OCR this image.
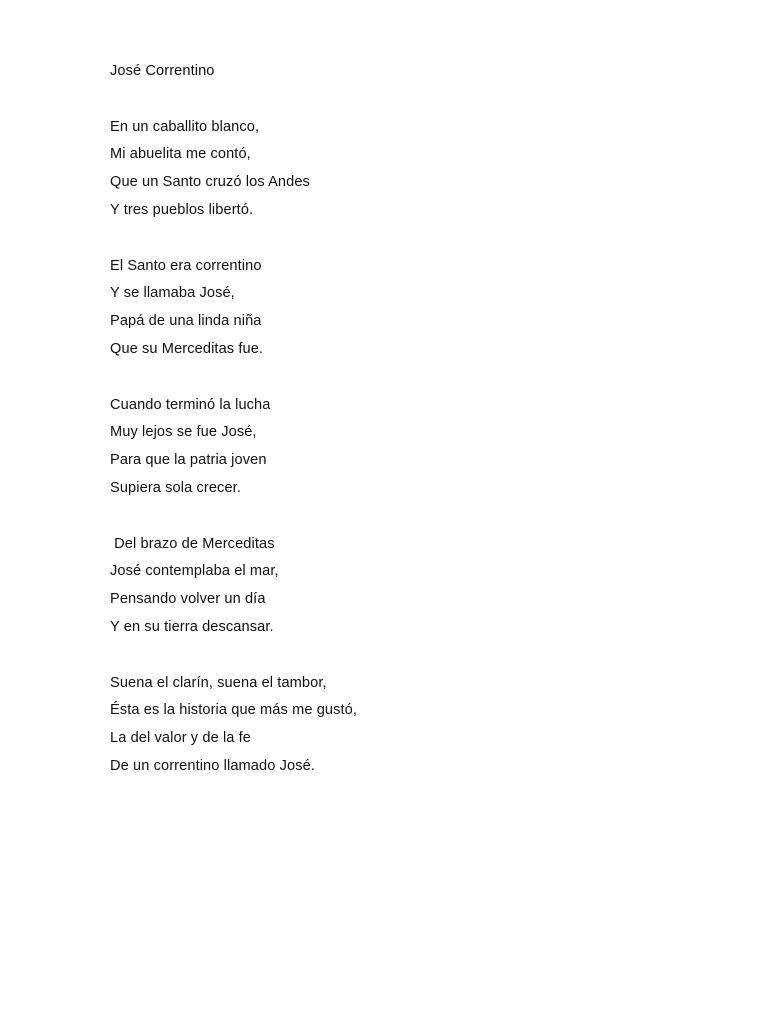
José Correntino
En un caballito blanco,
Mi abuelita me contó,
Que un Santo cruzó los Andes
Y tres pueblos libertó.
El Santo era correntino
Y se llamaba José,
Papá de una linda niña
Que su Merceditas fue.
Cuando terminó la lucha
Muy lejos se fue José,
Para que la patria joven
Supiera sola crecer.
Del brazo de Merceditas
José contemplaba el mar,
Pensando volver un día
Y en su tierra descansar.
Suena el clarín, suena el tambor,
Ésta es la historia que más me gustó,
La del valor y de la fe
De un correntino llamado José.
